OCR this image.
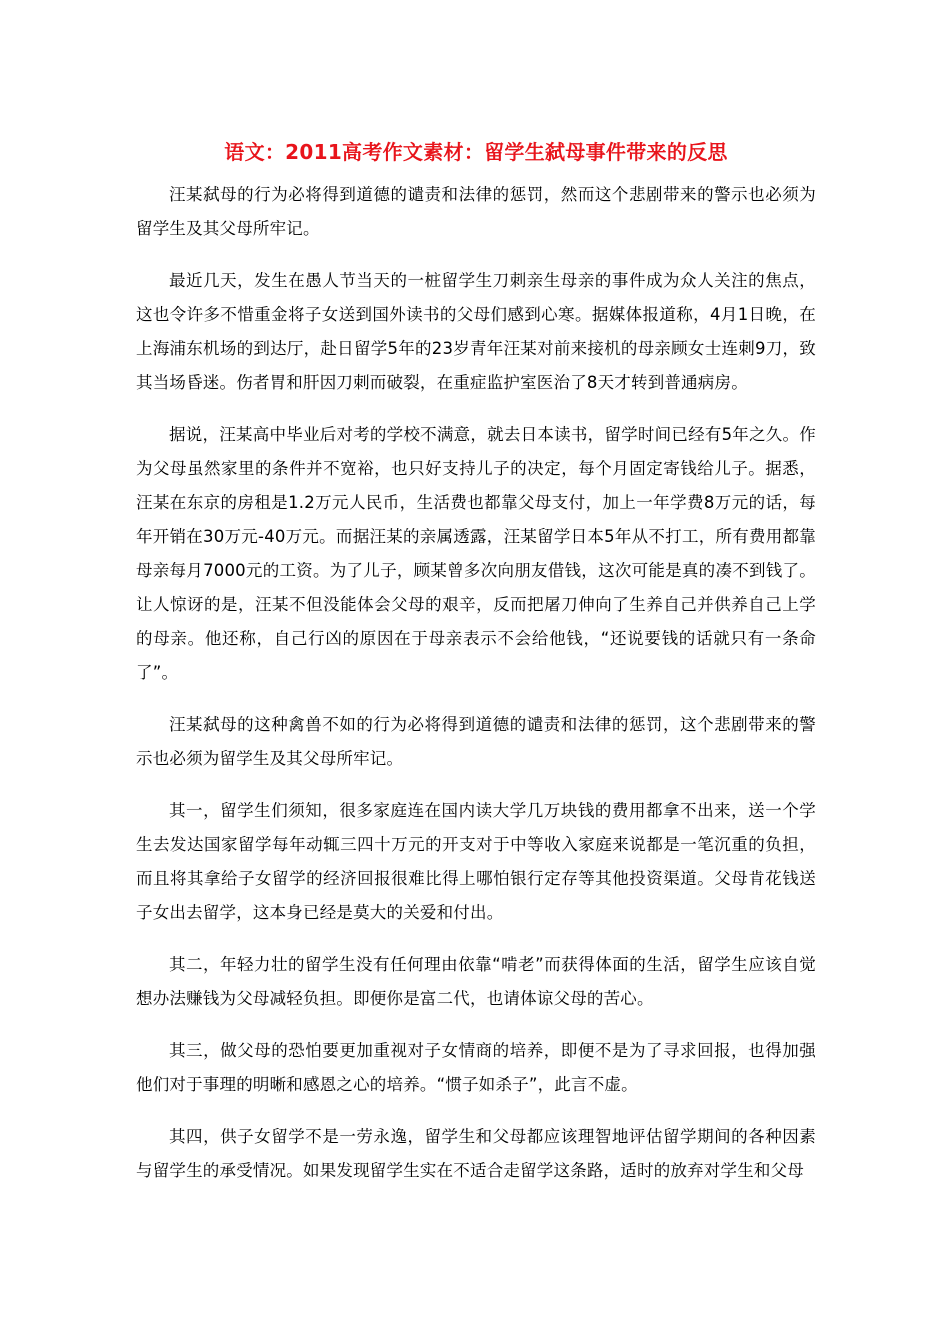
语文：2011高考作文素材：留学生弑母事件带来的反思

汪某弑母的行为必将得到道德的谴责和法律的惩罚，然而这个悲剧带来的警示也必须为留学生及其父母所牢记。

最近几天，发生在愚人节当天的一桩留学生刀刺亲生母亲的事件成为众人关注的焦点，这也令许多不惜重金将子女送到国外读书的父母们感到心寒。据媒体报道称，4月1日晚，在上海浦东机场的到达厅，赴日留学5年的23岁青年汪某对前来接机的母亲顾女士连刺9刀，致其当场昏迷。伤者胃和肝因刀刺而破裂，在重症监护室医治了8天才转到普通病房。

据说，汪某高中毕业后对考的学校不满意，就去日本读书，留学时间已经有5年之久。作为父母虽然家里的条件并不宽裕，也只好支持儿子的决定，每个月固定寄钱给儿子。据悉，汪某在东京的房租是1.2万元人民币，生活费也都靠父母支付，加上一年学费8万元的话，每年开销在30万元-40万元。而据汪某的亲属透露，汪某留学日本5年从不打工，所有费用都靠母亲每月7000元的工资。为了儿子，顾某曾多次向朋友借钱，这次可能是真的凑不到钱了。让人惊讶的是，汪某不但没能体会父母的艰辛，反而把屠刀伸向了生养自己并供养自己上学的母亲。他还称，自己行凶的原因在于母亲表示不会给他钱，“还说要钱的话就只有一条命了”。

汪某弑母的这种禽兽不如的行为必将得到道德的谴责和法律的惩罚，这个悲剧带来的警示也必须为留学生及其父母所牢记。

其一，留学生们须知，很多家庭连在国内读大学几万块钱的费用都拿不出来，送一个学生去发达国家留学每年动辄三四十万元的开支对于中等收入家庭来说都是一笔沉重的负担，而且将其拿给子女留学的经济回报很难比得上哪怕银行定存等其他投资渠道。父母肯花钱送子女出去留学，这本身已经是莫大的关爱和付出。

其二，年轻力壮的留学生没有任何理由依靠“啃老”而获得体面的生活，留学生应该自觉想办法赚钱为父母减轻负担。即便你是富二代，也请体谅父母的苦心。

其三，做父母的恐怕要更加重视对子女情商的培养，即便不是为了寻求回报，也得加强他们对于事理的明晰和感恩之心的培养。“惯子如杀子”，此言不虚。

其四，供子女留学不是一劳永逸，留学生和父母都应该理智地评估留学期间的各种因素与留学生的承受情况。如果发现留学生实在不适合走留学这条路，适时的放弃对学生和父母
